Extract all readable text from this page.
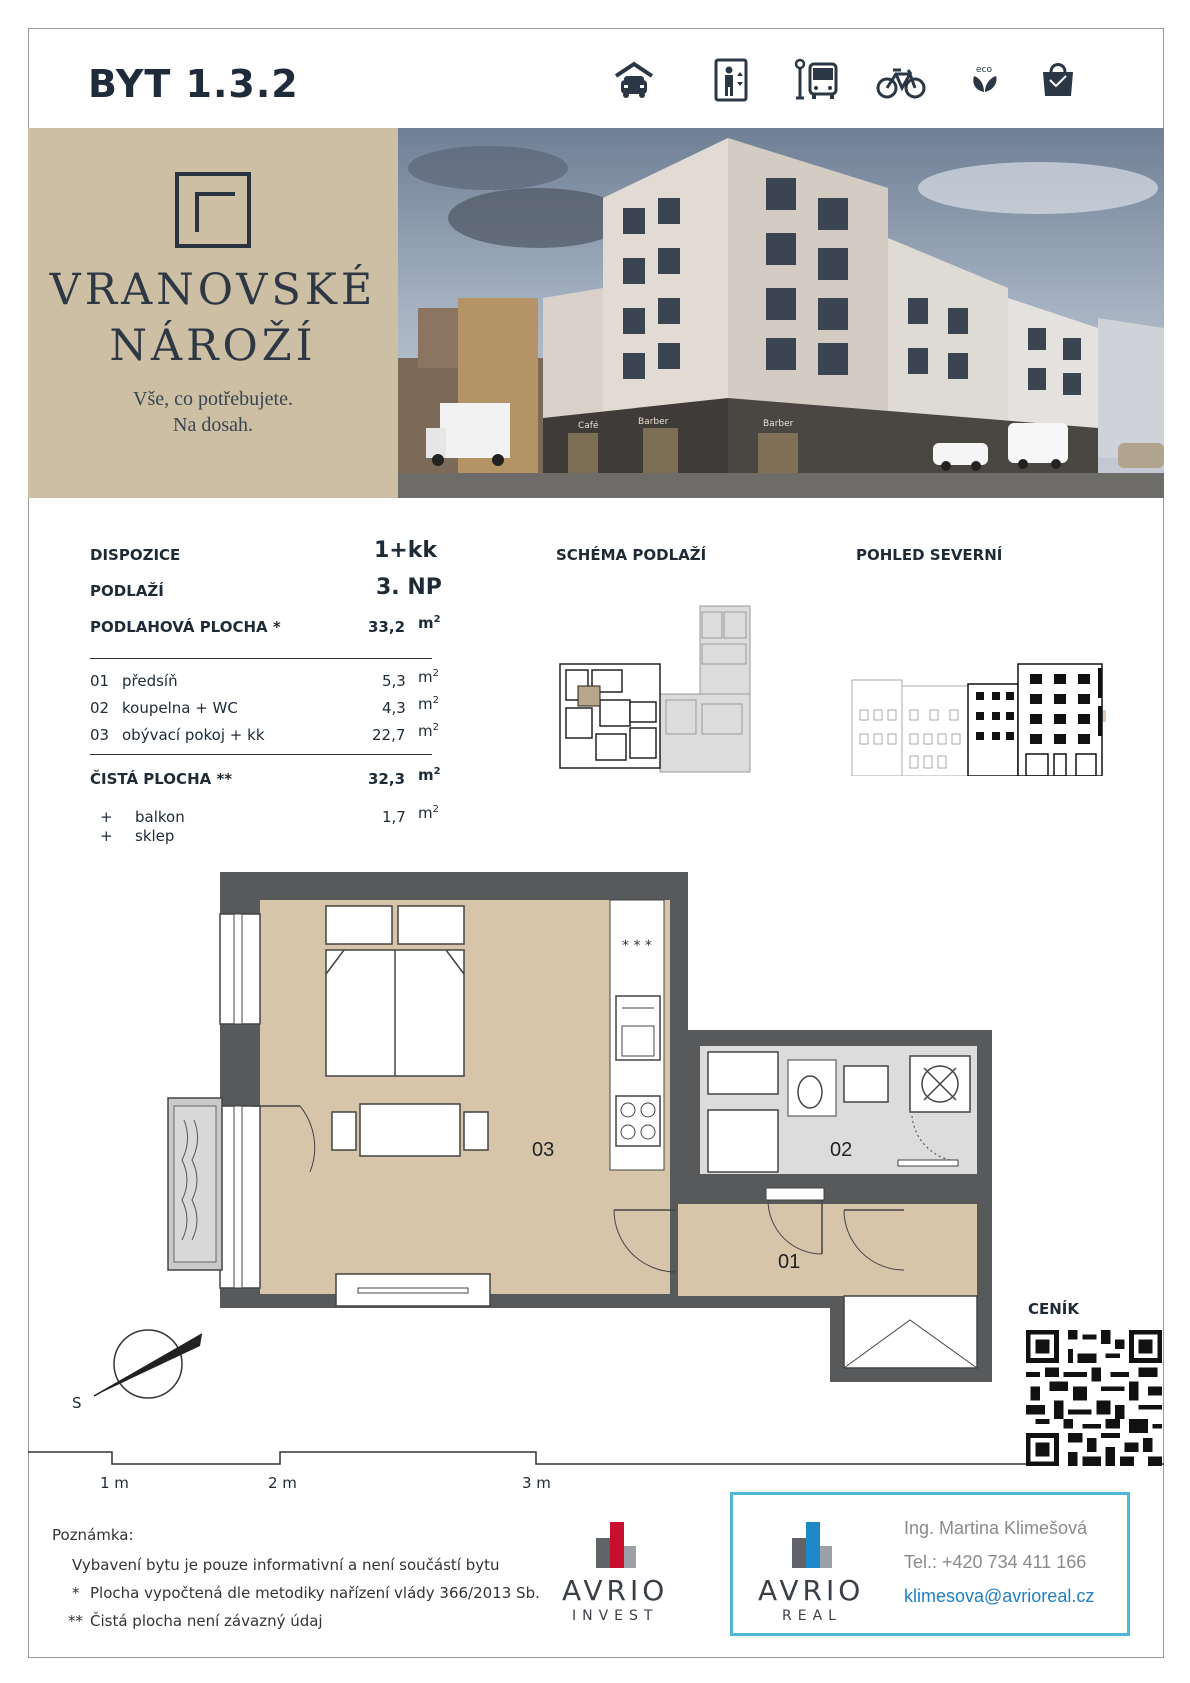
BYT 1.3.2	eco
VRANOVSKÉ
NÁROŽÍ
Vše, co potřebujete.
Na dosah.	Café	Barber	Barber
DISPOZICE	1+kk
PODLAŽÍ	3. NP
PODLAHOVÁ PLOCHA *	33,2 $m^2$
01 předsíň	5,3 $m^2$
02 koupelna + WC	4,3 $m^2$
03 obývací pokoj + kk	22,7 $m^2$
ČISTÁ PLOCHA **	32,3 $m^2$
+ balkon	1,7 $m^2$
+ sklep
SCHÉMA PODLAŽÍ	POHLED SEVERNÍ
* * *
03	02
01
S
1 m	2 m	3 m
CENÍK
Poznámka:
Vybavení bytu je pouze informativní a není součástí bytu
* Plocha vypočtená dle metodiky nařízení vlády 366/2013 Sb.
** Čistá plocha není závazný údaj
AVRIO
INVEST
AVRIO
REAL
Ing. Martina Klimešová
Tel.: +420 734 411 166
klimesova@avrioreal.cz
